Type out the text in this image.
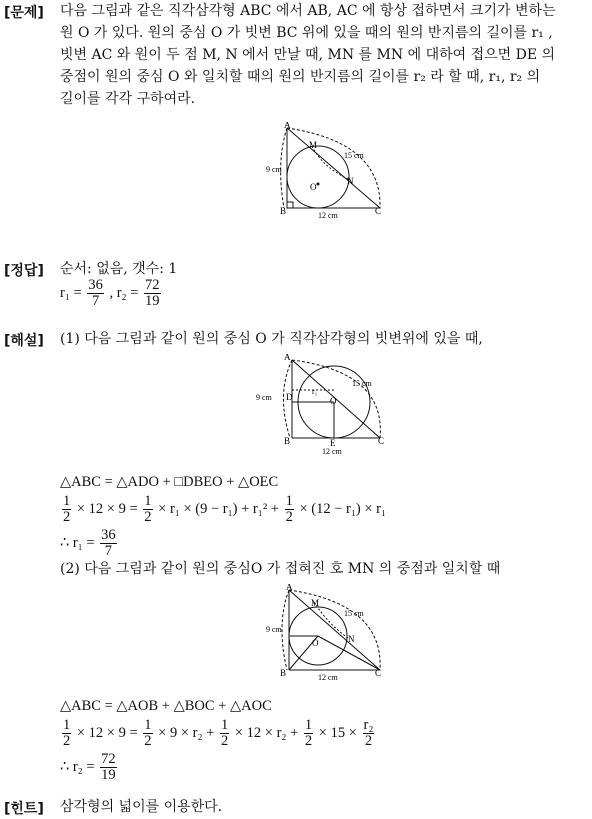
[문제] 다음 그림과 같은 직각삼각형 ABC 에서 AB, AC 에 항상 접하면서 크기가 변하는
원 O 가 있다. 원의 중심 O 가 빗변 BC 위에 있을 때의 원의 반지름의 길이를 r₁ ,
빗변 AC 와 원이 두 점 M, N 에서 만날 때, MN 를 MN 에 대하여 접으면 DE 의
중점이 원의 중심 O 와 일치할 때의 원의 반지름의 길이를 r₂ 라 할 때, r₁, r₂ 의
길이를 각각 구하여라.
A
B	C
M
N
O
9 cm
12 cm
15 cm
[정답] 순서: 없음, 갯수: 1
$r_1 = \frac{36}{7}$ , $r_2 = \frac{72}{19}$
[해설] (1) 다음 그림과 같이 원의 중심 O 가 직각삼각형의 빗변위에 있을 때,
A
B	C
D
E
O
r₁
9 cm
12 cm
15 cm
△ABC = △ADO + □DBEO + △OEC
$\frac{1}{2} \times 12 \times 9 = \frac{1}{2} \times r_1 \times (9 - r_1) + r_1^2 + \frac{1}{2} \times (12 - r_1) \times r_1$
∴ $r_1 = \frac{36}{7}$
(2) 다음 그림과 같이 원의 중심O 가 접혀진 호 MN 의 중점과 일치할 때
A
B	C
M
N
O
9 cm
12 cm
15 cm
△ABC = △AOB + △BOC + △AOC
$\frac{1}{2} \times 12 \times 9 = \frac{1}{2} \times 9 \times r_2 + \frac{1}{2} \times 12 \times r_2 + \frac{1}{2} \times 15 \times \frac{\text{r₂}}{2}$
∴ $r_2 = \frac{72}{19}$
[힌트] 삼각형의 넓이를 이용한다.
